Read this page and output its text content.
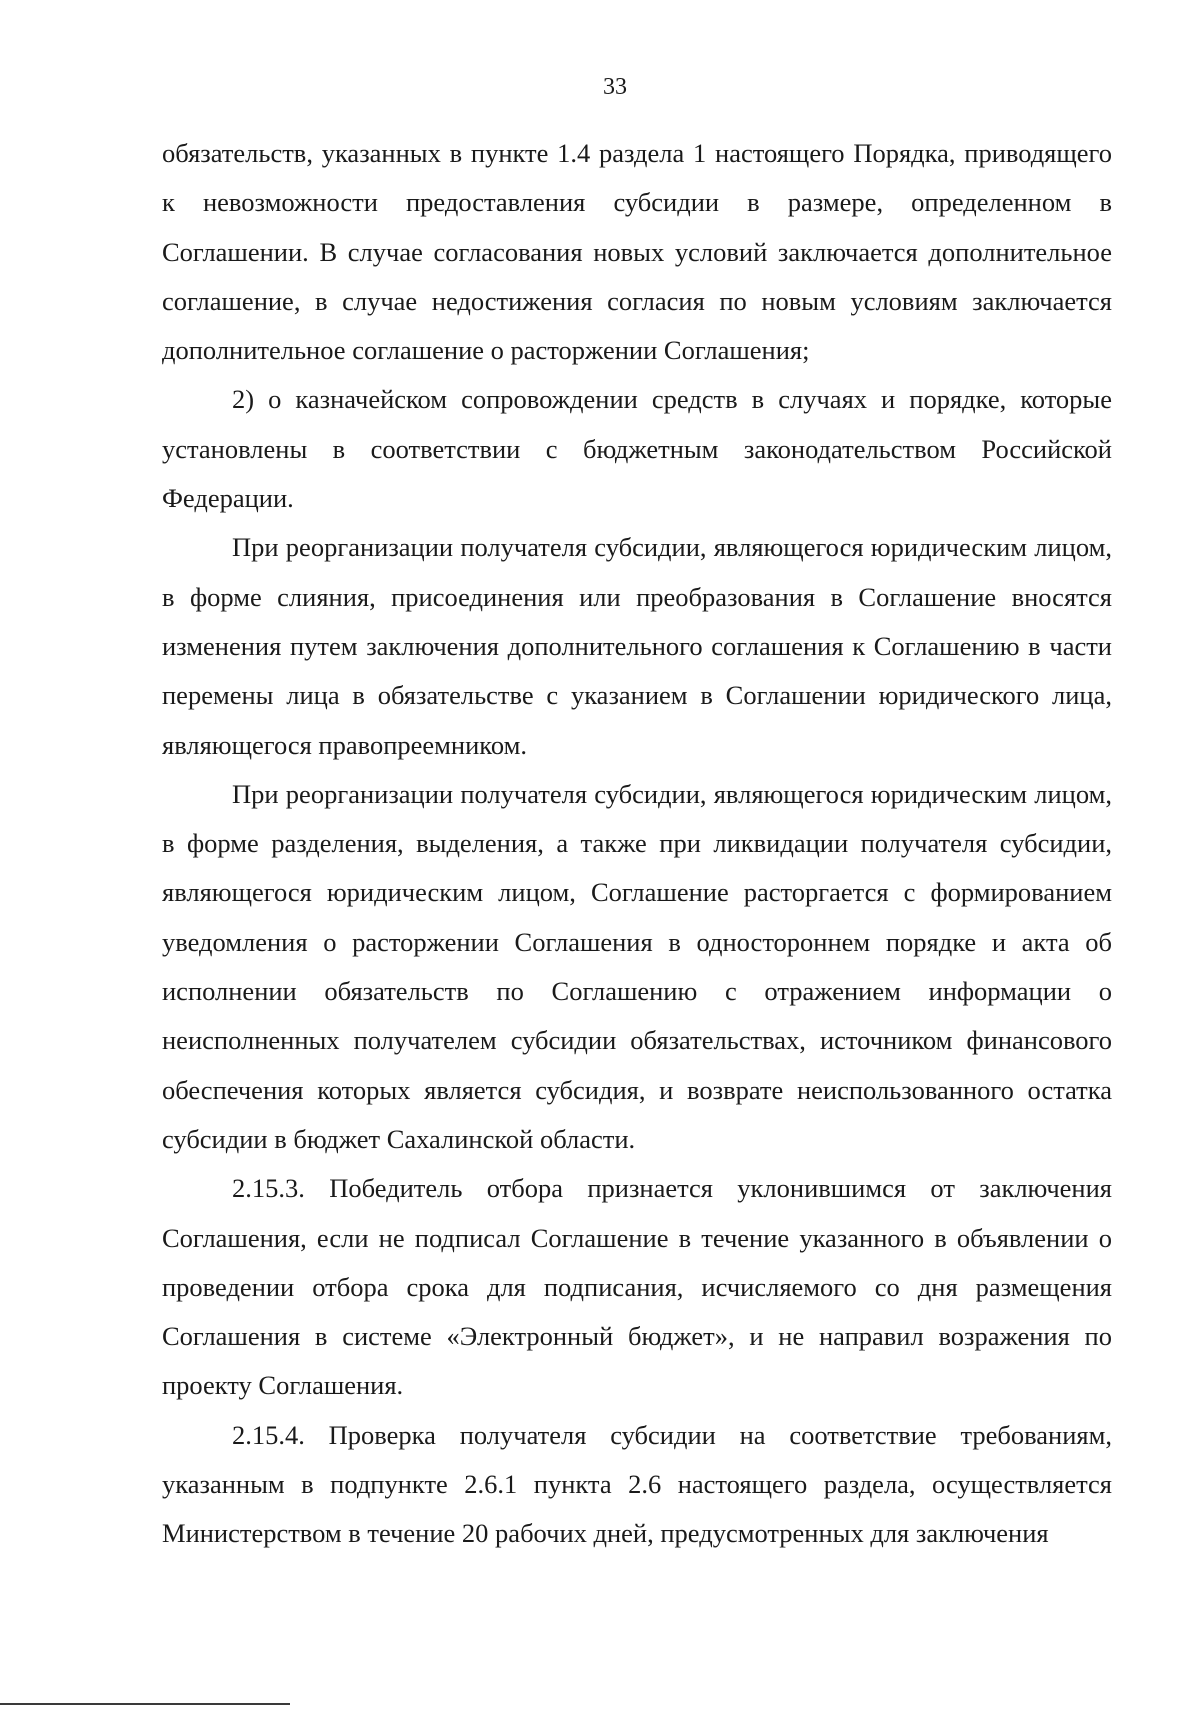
33

обязательств, указанных в пункте 1.4 раздела 1 настоящего Порядка, приводящего к невозможности предоставления субсидии в размере, определенном в Соглашении. В случае согласования новых условий заключается дополнительное соглашение, в случае недостижения согласия по новым условиям заключается дополнительное соглашение о расторжении Соглашения;

2) о казначейском сопровождении средств в случаях и порядке, которые установлены в соответствии с бюджетным законодательством Российской Федерации.

При реорганизации получателя субсидии, являющегося юридическим лицом, в форме слияния, присоединения или преобразования в Соглашение вносятся изменения путем заключения дополнительного соглашения к Соглашению в части перемены лица в обязательстве с указанием в Соглашении юридического лица, являющегося правопреемником.

При реорганизации получателя субсидии, являющегося юридическим лицом, в форме разделения, выделения, а также при ликвидации получателя субсидии, являющегося юридическим лицом, Соглашение расторгается с формированием уведомления о расторжении Соглашения в одностороннем порядке и акта об исполнении обязательств по Соглашению с отражением информации о неисполненных получателем субсидии обязательствах, источником финансового обеспечения которых является субсидия, и возврате неиспользованного остатка субсидии в бюджет Сахалинской области.

2.15.3. Победитель отбора признается уклонившимся от заключения Соглашения, если не подписал Соглашение в течение указанного в объявлении о проведении отбора срока для подписания, исчисляемого со дня размещения Соглашения в системе «Электронный бюджет», и не направил возражения по проекту Соглашения.

2.15.4. Проверка получателя субсидии на соответствие требованиям, указанным в подпункте 2.6.1 пункта 2.6 настоящего раздела, осуществляется Министерством в течение 20 рабочих дней, предусмотренных для заключения
